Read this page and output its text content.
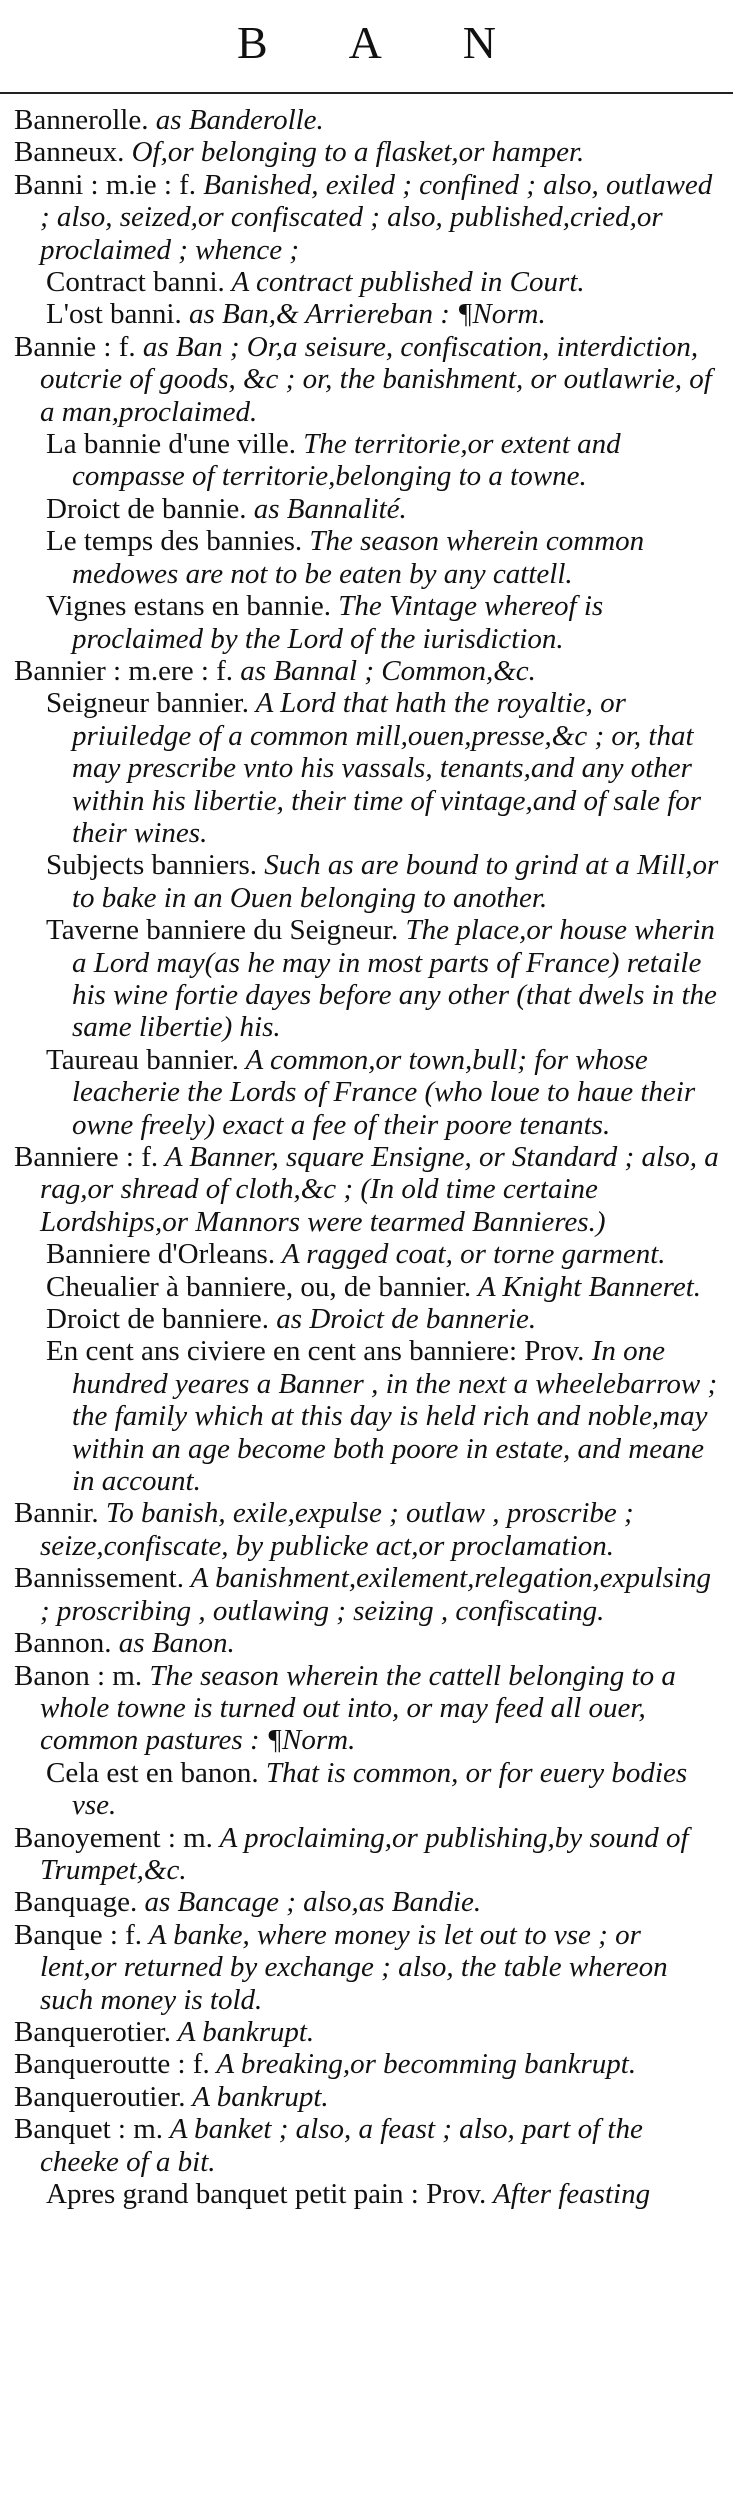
B A N

Bannerolle. as Banderolle.

Banneux. Of,or belonging to a flasket,or hamper.

Banni : m.ie : f. Banished, exiled ; confined ; also, outlawed ; also, seized,or confiscated ; also, published,cried,or proclaimed ; whence ;

Contract banni. A contract published in Court.

L'ost banni. as Ban,& Arriereban : ¶Norm.

Bannie : f. as Ban ; Or,a seisure, confiscation, interdiction, outcrie of goods, &c ; or, the banishment, or outlawrie, of a man,proclaimed.

La bannie d'une ville. The territorie,or extent and compasse of territorie,belonging to a towne.

Droict de bannie. as Bannalité.

Le temps des bannies. The season wherein common medowes are not to be eaten by any cattell.

Vignes estans en bannie. The Vintage whereof is proclaimed by the Lord of the iurisdiction.

Bannier : m.ere : f. as Bannal ; Common,&c.

Seigneur bannier. A Lord that hath the royaltie, or priuiledge of a common mill,ouen,presse,&c ; or, that may prescribe vnto his vassals, tenants,and any other within his libertie, their time of vintage,and of sale for their wines.

Subjects banniers. Such as are bound to grind at a Mill,or to bake in an Ouen belonging to another.

Taverne banniere du Seigneur. The place,or house wherin a Lord may(as he may in most parts of France) retaile his wine fortie dayes before any other (that dwels in the same libertie) his.

Taureau bannier. A common,or town,bull; for whose leacherie the Lords of France (who loue to haue their owne freely) exact a fee of their poore tenants.

Banniere : f. A Banner, square Ensigne, or Standard ; also, a rag,or shread of cloth,&c ; (In old time certaine Lordships,or Mannors were tearmed Bannieres.)

Banniere d'Orleans. A ragged coat, or torne garment.

Cheualier à banniere, ou, de bannier. A Knight Banneret.

Droict de banniere. as Droict de bannerie.

En cent ans civiere en cent ans banniere: Prov. In one hundred yeares a Banner , in the next a wheelebarrow ; the family which at this day is held rich and noble,may within an age become both poore in estate, and meane in account.

Bannir. To banish, exile,expulse ; outlaw , proscribe ; seize,confiscate, by publicke act,or proclamation.

Bannissement. A banishment,exilement,relegation,expulsing ; proscribing , outlawing ; seizing , confiscating.

Bannon. as Banon.

Banon : m. The season wherein the cattell belonging to a whole towne is turned out into, or may feed all ouer, common pastures : ¶Norm.

Cela est en banon. That is common, or for euery bodies vse.

Banoyement : m. A proclaiming,or publishing,by sound of Trumpet,&c.

Banquage. as Bancage ; also,as Bandie.

Banque : f. A banke, where money is let out to vse ; or lent,or returned by exchange ; also, the table whereon such money is told.

Banquerotier. A bankrupt.

Banqueroutte : f. A breaking,or becomming bankrupt.

Banqueroutier. A bankrupt.

Banquet : m. A banket ; also, a feast ; also, part of the cheeke of a bit.

Apres grand banquet petit pain : Prov. After feasting
